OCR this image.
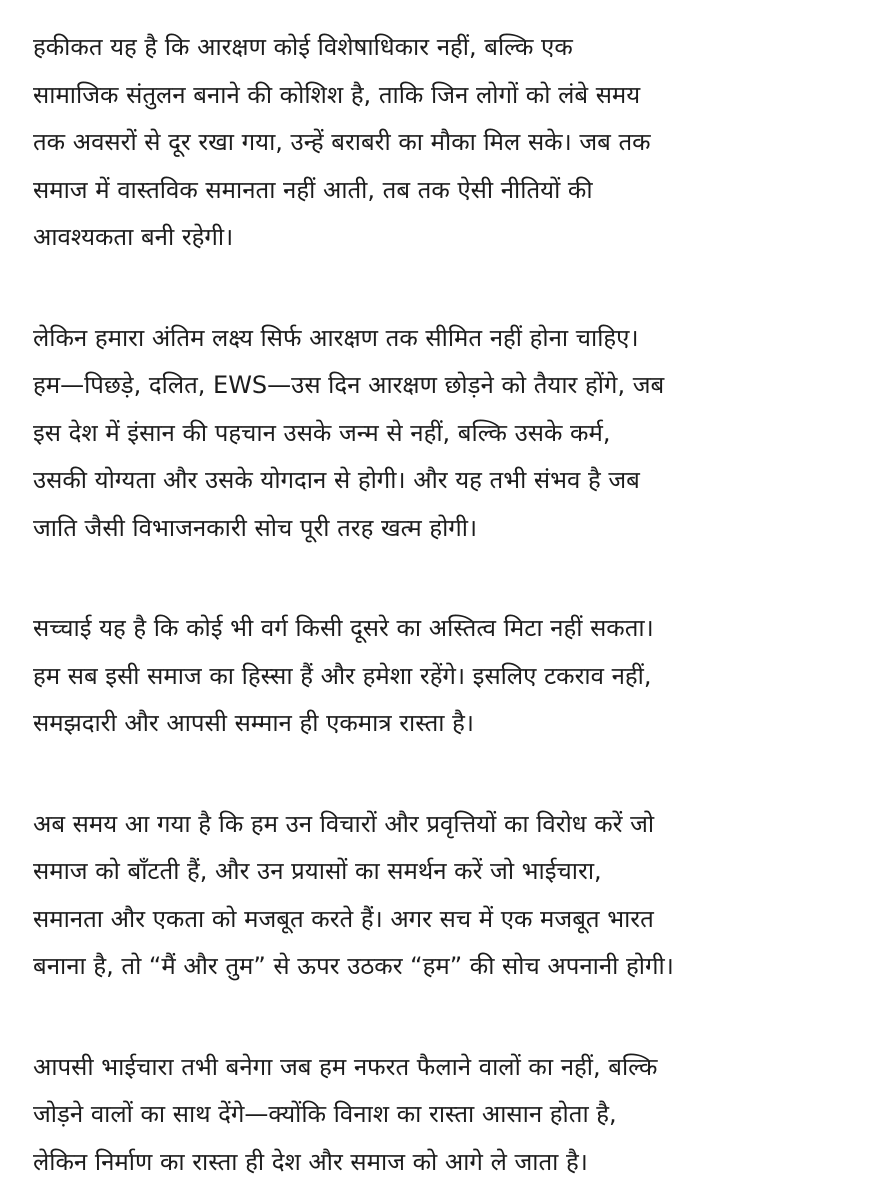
हकीकत यह है कि आरक्षण कोई विशेषाधिकार नहीं, बल्कि एक
सामाजिक संतुलन बनाने की कोशिश है, ताकि जिन लोगों को लंबे समय
तक अवसरों से दूर रखा गया, उन्हें बराबरी का मौका मिल सके। जब तक
समाज में वास्तविक समानता नहीं आती, तब तक ऐसी नीतियों की
आवश्यकता बनी रहेगी।

लेकिन हमारा अंतिम लक्ष्य सिर्फ आरक्षण तक सीमित नहीं होना चाहिए।
हम—पिछड़े, दलित, EWS—उस दिन आरक्षण छोड़ने को तैयार होंगे, जब
इस देश में इंसान की पहचान उसके जन्म से नहीं, बल्कि उसके कर्म,
उसकी योग्यता और उसके योगदान से होगी। और यह तभी संभव है जब
जाति जैसी विभाजनकारी सोच पूरी तरह खत्म होगी।

सच्चाई यह है कि कोई भी वर्ग किसी दूसरे का अस्तित्व मिटा नहीं सकता।
हम सब इसी समाज का हिस्सा हैं और हमेशा रहेंगे। इसलिए टकराव नहीं,
समझदारी और आपसी सम्मान ही एकमात्र रास्ता है।

अब समय आ गया है कि हम उन विचारों और प्रवृत्तियों का विरोध करें जो
समाज को बाँटती हैं, और उन प्रयासों का समर्थन करें जो भाईचारा,
समानता और एकता को मजबूत करते हैं। अगर सच में एक मजबूत भारत
बनाना है, तो “मैं और तुम” से ऊपर उठकर “हम” की सोच अपनानी होगी।

आपसी भाईचारा तभी बनेगा जब हम नफरत फैलाने वालों का नहीं, बल्कि
जोड़ने वालों का साथ देंगे—क्योंकि विनाश का रास्ता आसान होता है,
लेकिन निर्माण का रास्ता ही देश और समाज को आगे ले जाता है।
